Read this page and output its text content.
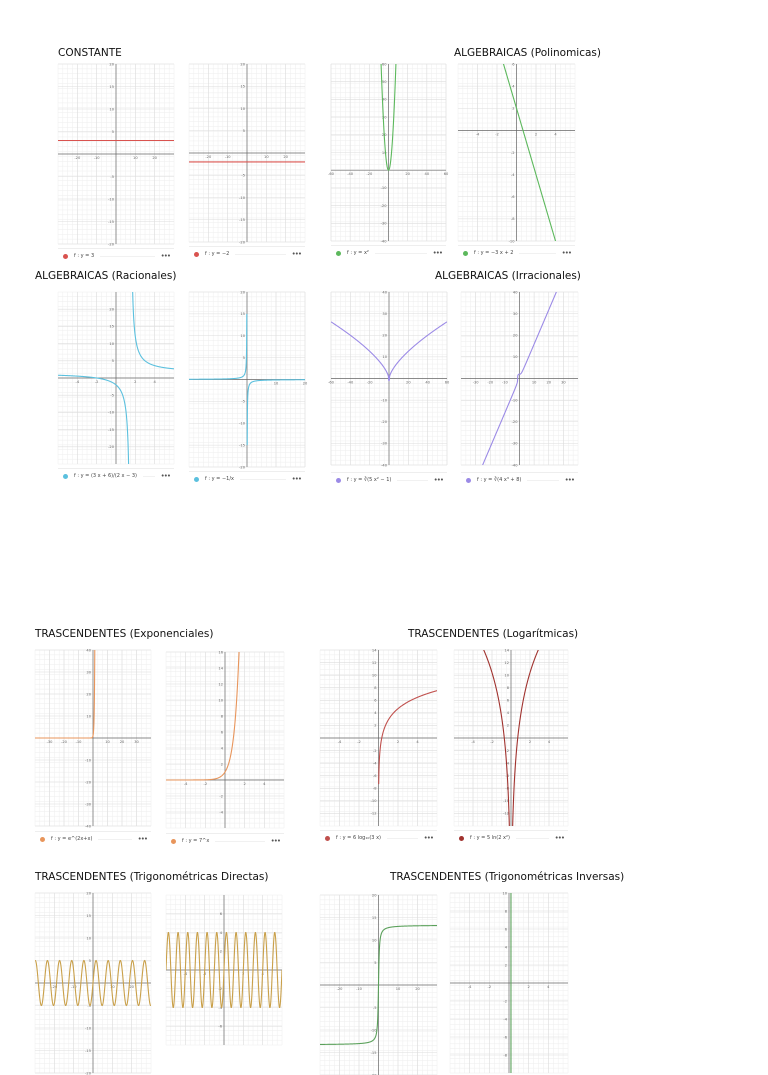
CONSTANTE	ALGEBRAICAS (Polinomicas)
ALGEBRAICAS (Racionales)	ALGEBRAICAS (Irracionales)
TRASCENDENTES (Exponenciales)	TRASCENDENTES (Logarítmicas)
TRASCENDENTES (Trigonométricas Directas)	TRASCENDENTES (Trigonométricas Inversas)
-20	-10	10	20
-20
-15
-10
-5
5
10
15
20
f : y = 3	•••
-20	-10	10	20
-20
-15
-10
-5
5
10
15
20
f : y = −2	•••
-60	-40	-20	20	40	60
-40
-30
-20
-10
10
20
30
40
50
60
f : y = x²	•••
-4	-2	2	4
-10
-8
-6
-4
-2
2
4
6
f : y = −3 x + 2	•••
-4	-2	2	4
-20
-15
-10
-5
5
10
15
20
f : y = (3 x + 6)/(2 x − 3)	•••
10	20
-20
-15
-10
-5
5
10
15
20
f : y = −1/x	•••
-60	-40	-20	20	40	60
-40
-30
-20
-10
10
20
30
40
f : y = ∛(5 x² − 1)	•••
-30 -20 -10	10	20	30
-40
-30
-20
-10
10
20
30
40
f : y = ∛(4 x³ + 8)	•••
-30 -20 -10	10	20	30
-40
-30
-20
-10
10
20
30
40
f : y = e^(2x+x)	•••
-4	-2	2	4
-4
-2
2
4
6
8
10
12
14
16
f : y = 7^x	•••
-4	-2	2	4
-12
-10
-8
-6
-4
-2
2
4
6
8
10
12
14
f : y = 6 log₁₀(3 x)	•••
-4	-2	2	4
-12
-10
-8
-6
-4
-2
2
4
6
8
10
12
14
f : y = 5 ln(2 x²)	•••
-20	-10	10	20
-20
-15
-10
-5
5
10
15
20
-4	-2	2	4
-6
-4
-2
2
4
6
-20	-10	10	20
-15
-10
-5
5
10
15
20
-4	-2	2	4
-8
-6
-4
-2
2
4
6
8
10
